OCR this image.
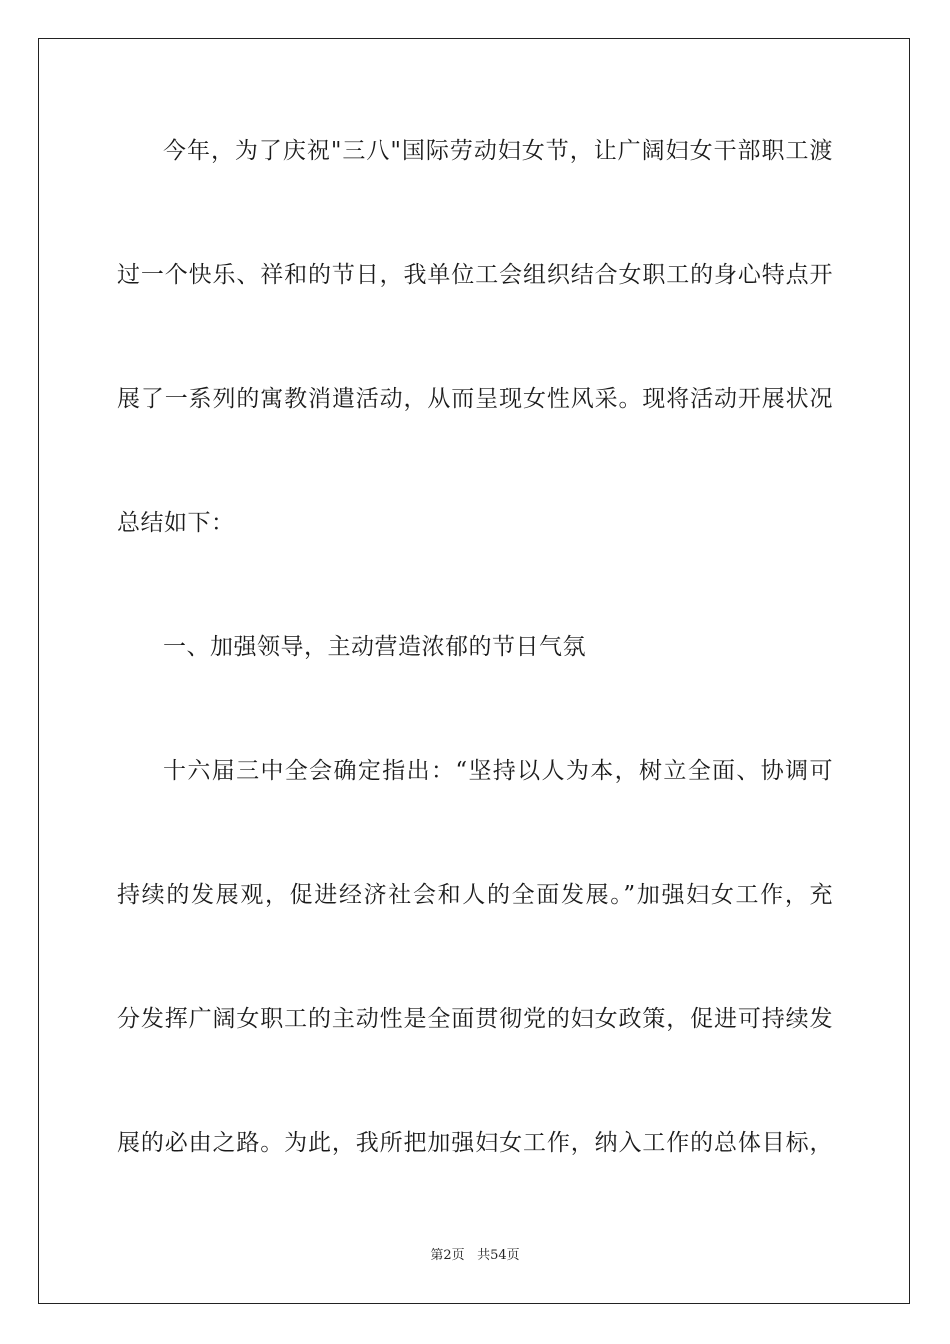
今年，为了庆祝"三八"国际劳动妇女节，让广阔妇女干部职工渡
过一个快乐、祥和的节日，我单位工会组织结合女职工的身心特点开
展了一系列的寓教消遣活动，从而呈现女性风采。现将活动开展状况
总结如下：
一、加强领导，主动营造浓郁的节日气氛
十六届三中全会确定指出：“坚持以人为本，树立全面、协调可
持续的发展观，促进经济社会和人的全面发展。”加强妇女工作，充
分发挥广阔女职工的主动性是全面贯彻党的妇女政策，促进可持续发
展的必由之路。为此，我所把加强妇女工作，纳入工作的总体目标，
第2页 共54页
